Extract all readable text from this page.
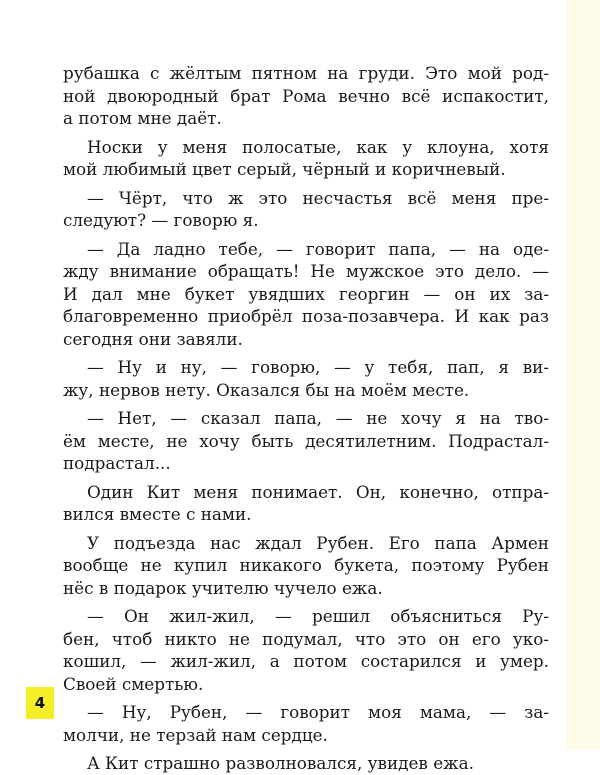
рубашка с жёлтым пятном на груди. Это мой род-
ной двоюродный брат Рома вечно всё испакостит,
а потом мне даёт.

Носки у меня полосатые, как у клоуна, хотя
мой любимый цвет серый, чёрный и коричневый.

— Чёрт, что ж это несчастья всё меня пре-
следуют? — говорю я.

— Да ладно тебе, — говорит папа, — на оде-
жду внимание обращать! Не мужское это дело. —
И дал мне букет увядших георгин — он их за-
благовременно приобрёл поза-позавчера. И как раз
сегодня они завяли.

— Ну и ну, — говорю, — у тебя, пап, я ви-
жу, нервов нету. Оказался бы на моём месте.

— Нет, — сказал папа, — не хочу я на тво-
ём месте, не хочу быть десятилетним. Подрастал-
подрастал...

Один Кит меня понимает. Он, конечно, отпра-
вился вместе с нами.

У подъезда нас ждал Рубен. Его папа Армен
вообще не купил никакого букета, поэтому Рубен
нёс в подарок учителю чучело ежа.

— Он жил-жил, — решил объясниться Ру-
бен, чтоб никто не подумал, что это он его уко-
кошил, — жил-жил, а потом состарился и умер.
Своей смертью.

— Ну, Рубен, — говорит моя мама, — за-
молчи, не терзай нам сердце.

А Кит страшно разволновался, увидев ежа.

4
